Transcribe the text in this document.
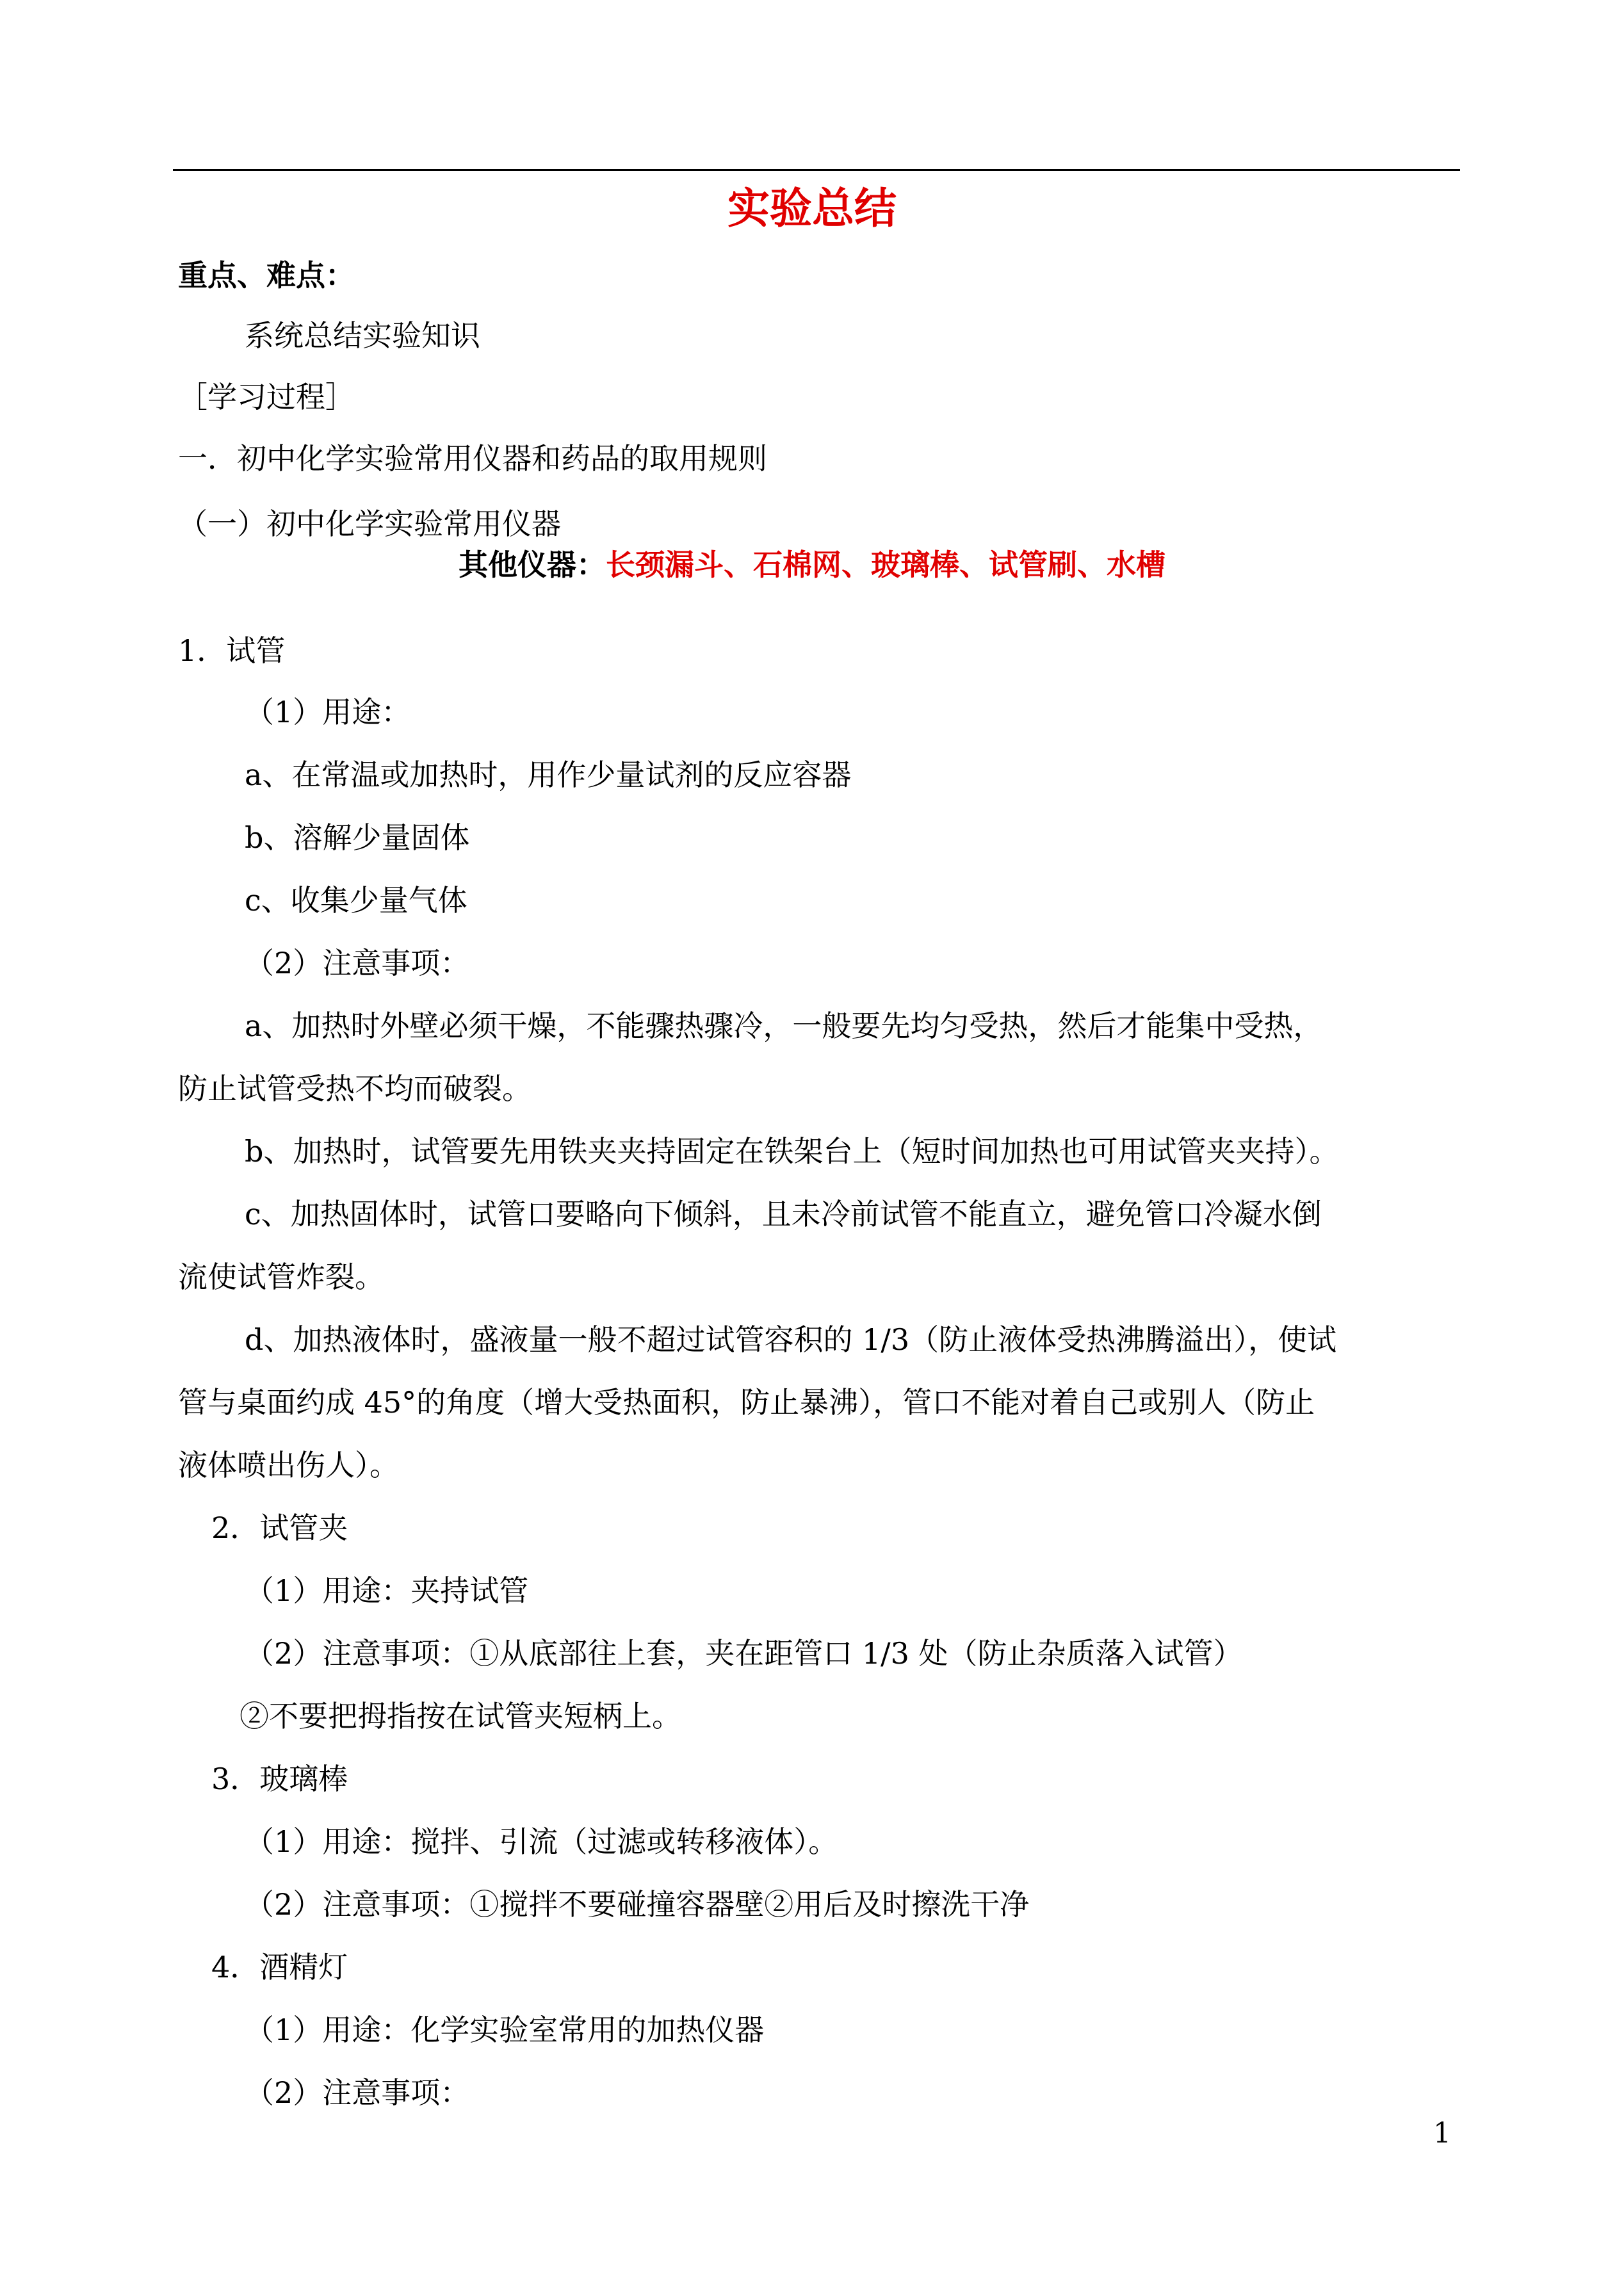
实验总结
重点、难点：
系统总结实验知识
［学习过程］
一．初中化学实验常用仪器和药品的取用规则
（一）初中化学实验常用仪器
其他仪器：长颈漏斗、石棉网、玻璃棒、试管刷、水槽
1．试管
（1）用途：
a、在常温或加热时，用作少量试剂的反应容器
b、溶解少量固体
c、收集少量气体
（2）注意事项：
a、加热时外壁必须干燥，不能骤热骤冷，一般要先均匀受热，然后才能集中受热，
防止试管受热不均而破裂。
b、加热时，试管要先用铁夹夹持固定在铁架台上（短时间加热也可用试管夹夹持）。
c、加热固体时，试管口要略向下倾斜，且未冷前试管不能直立，避免管口冷凝水倒
流使试管炸裂。
d、加热液体时，盛液量一般不超过试管容积的 1/3（防止液体受热沸腾溢出），使试
管与桌面约成 45°的角度（增大受热面积，防止暴沸），管口不能对着自己或别人（防止
液体喷出伤人）。
2．试管夹
（1）用途：夹持试管
（2）注意事项：①从底部往上套，夹在距管口 1/3 处（防止杂质落入试管）
②不要把拇指按在试管夹短柄上。
3．玻璃棒
（1）用途：搅拌、引流（过滤或转移液体）。
（2）注意事项：①搅拌不要碰撞容器壁②用后及时擦洗干净
4．酒精灯
（1）用途：化学实验室常用的加热仪器
（2）注意事项：
1
